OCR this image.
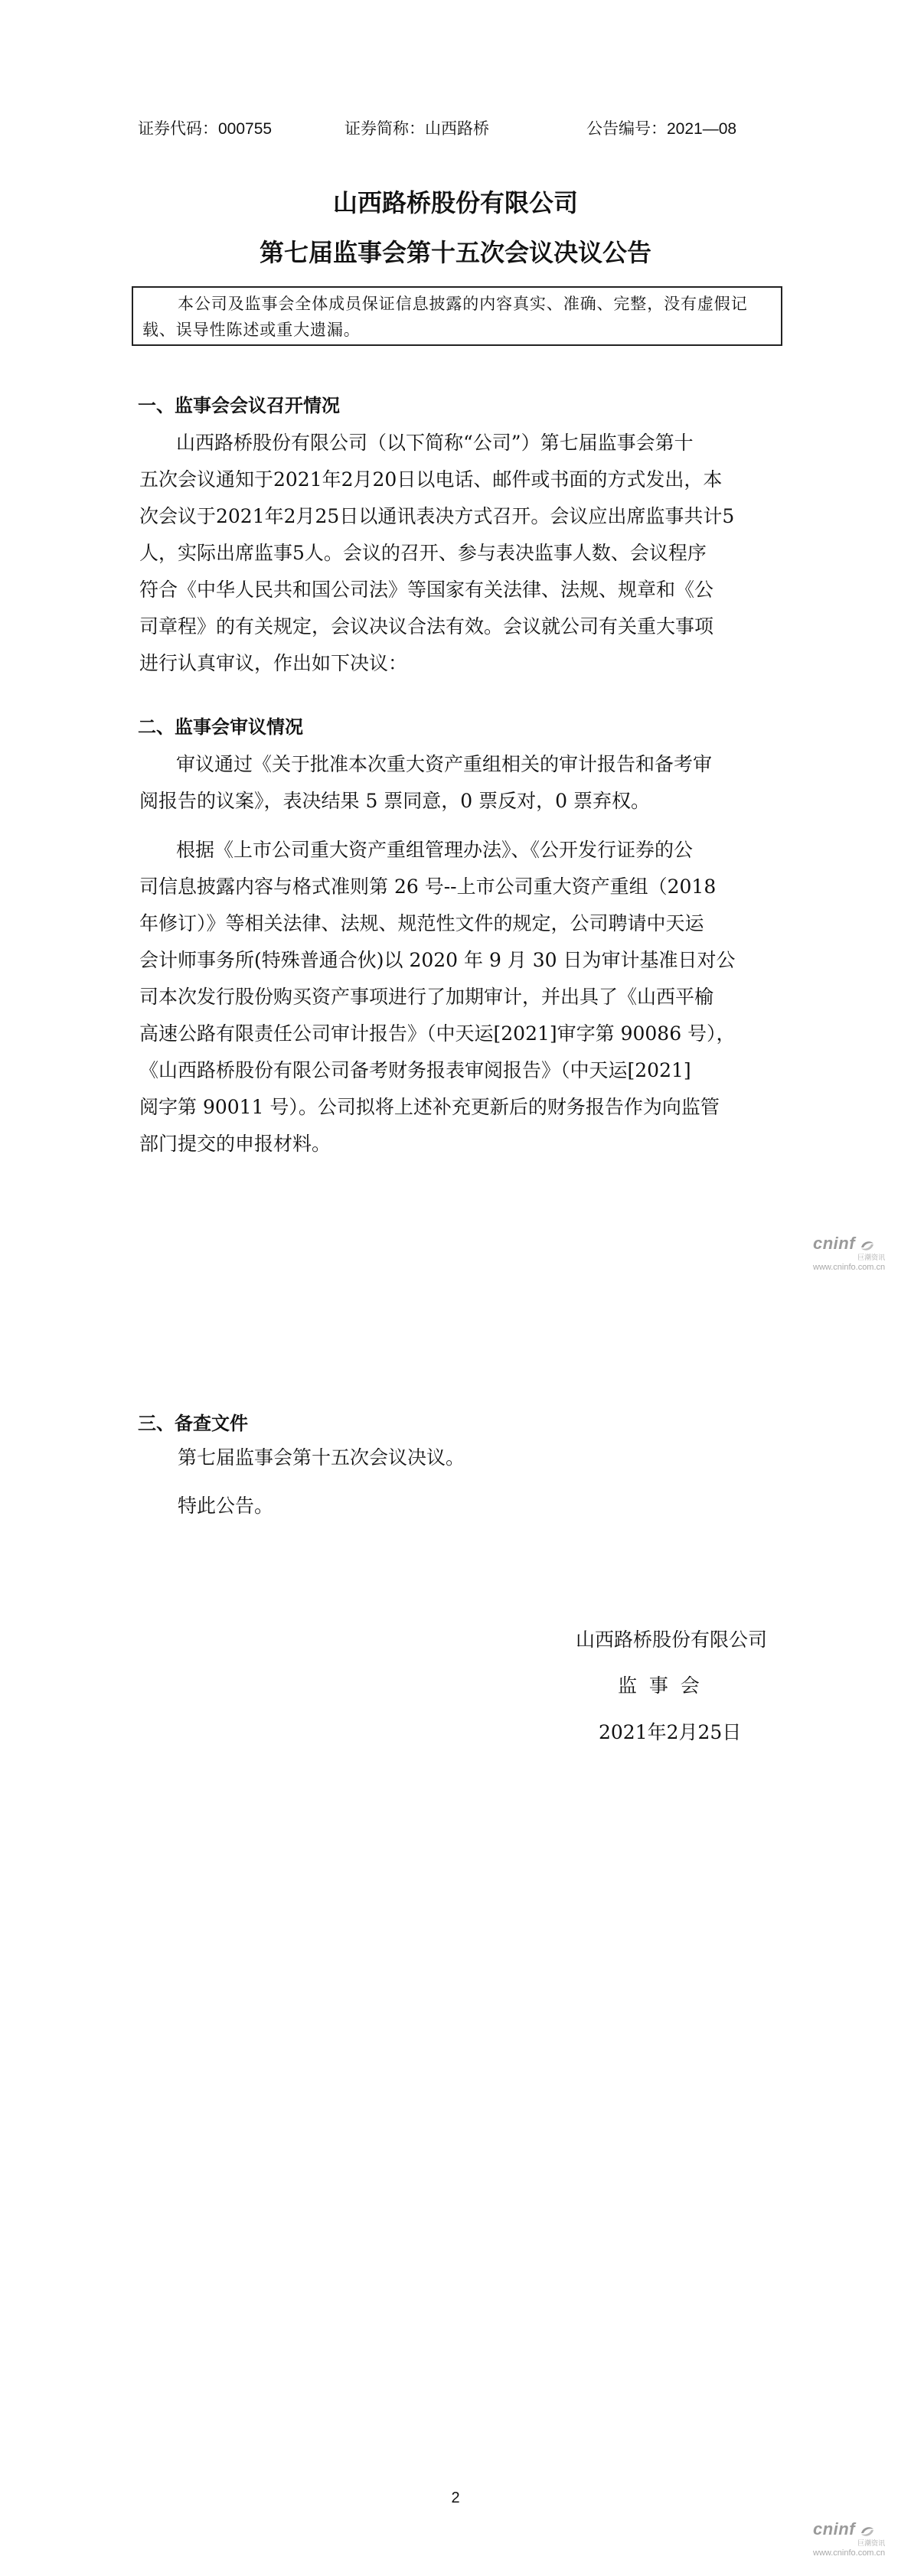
证券代码：000755	证券简称：山西路桥	公告编号：2021—08
山西路桥股份有限公司
第七届监事会第十五次会议决议公告
本公司及监事会全体成员保证信息披露的内容真实、准确、完整，没有虚假记载、误导性陈述或重大遗漏。
一、监事会会议召开情况
山西路桥股份有限公司（以下简称“公司”）第七届监事会第十
五次会议通知于2021年2月20日以电话、邮件或书面的方式发出，本
次会议于2021年2月25日以通讯表决方式召开。会议应出席监事共计5
人，实际出席监事5人。会议的召开、参与表决监事人数、会议程序
符合《中华人民共和国公司法》等国家有关法律、法规、规章和《公
司章程》的有关规定，会议决议合法有效。会议就公司有关重大事项
进行认真审议，作出如下决议：
二、监事会审议情况
审议通过《关于批准本次重大资产重组相关的审计报告和备考审
阅报告的议案》，表决结果 5 票同意，0 票反对，0 票弃权。
根据《上市公司重大资产重组管理办法》、《公开发行证券的公
司信息披露内容与格式准则第 26 号--上市公司重大资产重组（2018
年修订）》等相关法律、法规、规范性文件的规定，公司聘请中天运
会计师事务所(特殊普通合伙)以 2020 年 9 月 30 日为审计基准日对公
司本次发行股份购买资产事项进行了加期审计，并出具了《山西平榆
高速公路有限责任公司审计报告》（中天运[2021]审字第 90086 号），
《山西路桥股份有限公司备考财务报表审阅报告》（中天运[2021]
阅字第 90011 号）。公司拟将上述补充更新后的财务报告作为向监管
部门提交的申报材料。
cninf
巨潮资讯
www.cninfo.com.cn
三、备查文件
第七届监事会第十五次会议决议。
特此公告。
山西路桥股份有限公司
监  事  会
2021年2月25日
2
cninf
巨潮资讯
www.cninfo.com.cn
